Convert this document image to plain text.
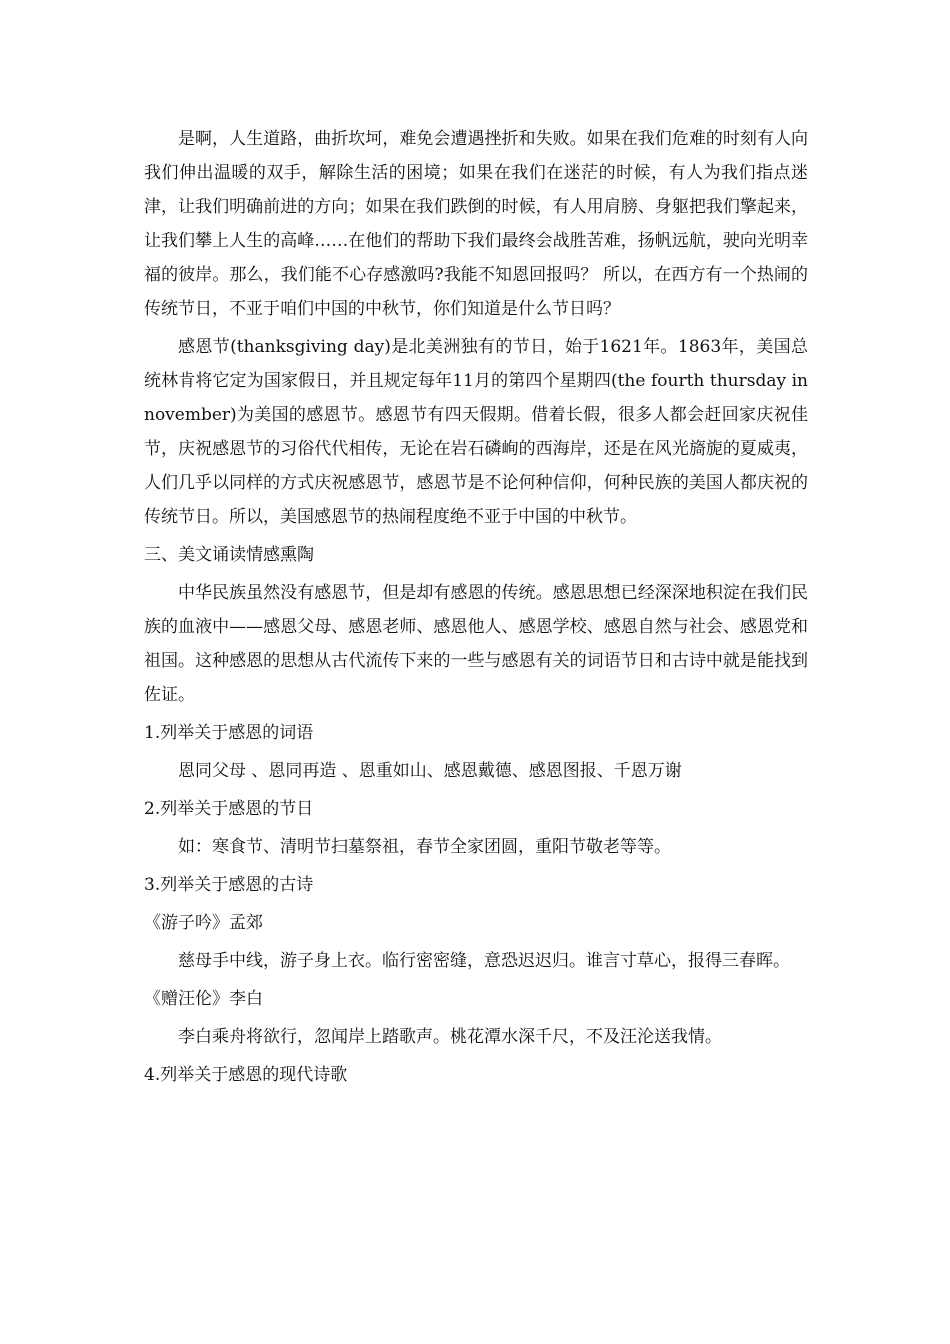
是啊，人生道路，曲折坎坷，难免会遭遇挫折和失败。如果在我们危难的时刻有人向我们伸出温暖的双手，解除生活的困境；如果在我们在迷茫的时候，有人为我们指点迷津，让我们明确前进的方向；如果在我们跌倒的时候，有人用肩膀、身躯把我们擎起来，让我们攀上人生的高峰……在他们的帮助下我们最终会战胜苦难，扬帆远航，驶向光明幸福的彼岸。那么，我们能不心存感激吗?我能不知恩回报吗？ 所以，在西方有一个热闹的传统节日，不亚于咱们中国的中秋节，你们知道是什么节日吗？

感恩节(thanksgiving day)是北美洲独有的节日，始于1621年。1863年，美国总统林肯将它定为国家假日，并且规定每年11月的第四个星期四(the fourth thursday in november)为美国的感恩节。感恩节有四天假期。借着长假，很多人都会赶回家庆祝佳节，庆祝感恩节的习俗代代相传，无论在岩石磷峋的西海岸，还是在风光旖旎的夏威夷，人们几乎以同样的方式庆祝感恩节，感恩节是不论何种信仰，何种民族的美国人都庆祝的传统节日。所以，美国感恩节的热闹程度绝不亚于中国的中秋节。

三、美文诵读情感熏陶

中华民族虽然没有感恩节，但是却有感恩的传统。感恩思想已经深深地积淀在我们民族的血液中——感恩父母、感恩老师、感恩他人、感恩学校、感恩自然与社会、感恩党和祖国。这种感恩的思想从古代流传下来的一些与感恩有关的词语节日和古诗中就是能找到佐证。

1.列举关于感恩的词语

恩同父母 、恩同再造 、恩重如山、感恩戴德、感恩图报、千恩万谢

2.列举关于感恩的节日

如：寒食节、清明节扫墓祭祖，春节全家团圆，重阳节敬老等等。

3.列举关于感恩的古诗

《游子吟》孟郊

慈母手中线，游子身上衣。临行密密缝，意恐迟迟归。谁言寸草心，报得三春晖。

《赠汪伦》李白

李白乘舟将欲行，忽闻岸上踏歌声。桃花潭水深千尺，不及汪沦送我情。

4.列举关于感恩的现代诗歌
